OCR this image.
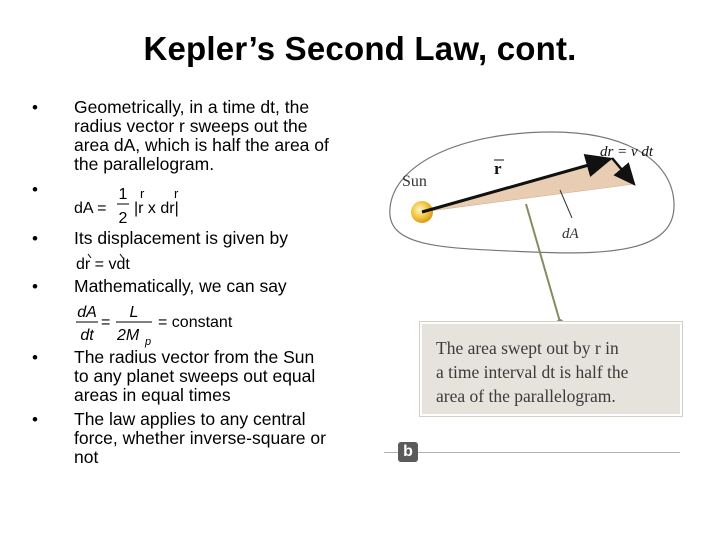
Kepler’s Second Law, cont.
• Geometrically, in a time dt, the
radius vector r sweeps out the
area dA, which is half the area of
the parallelogram.
•
dA =
1
2
|r x dr|
r r
• Its displacement is given by
dr = vdt
• Mathematically, we can say
dA
dt
=
L
2M p
= constant
• The radius vector from the Sun
to any planet sweeps out equal
areas in equal times
• The law applies to any central
force, whether inverse-square or
not
Sun
r
dr = v dt
dA
The area swept out by r in
a time interval dt is half the
area of the parallelogram.
b
